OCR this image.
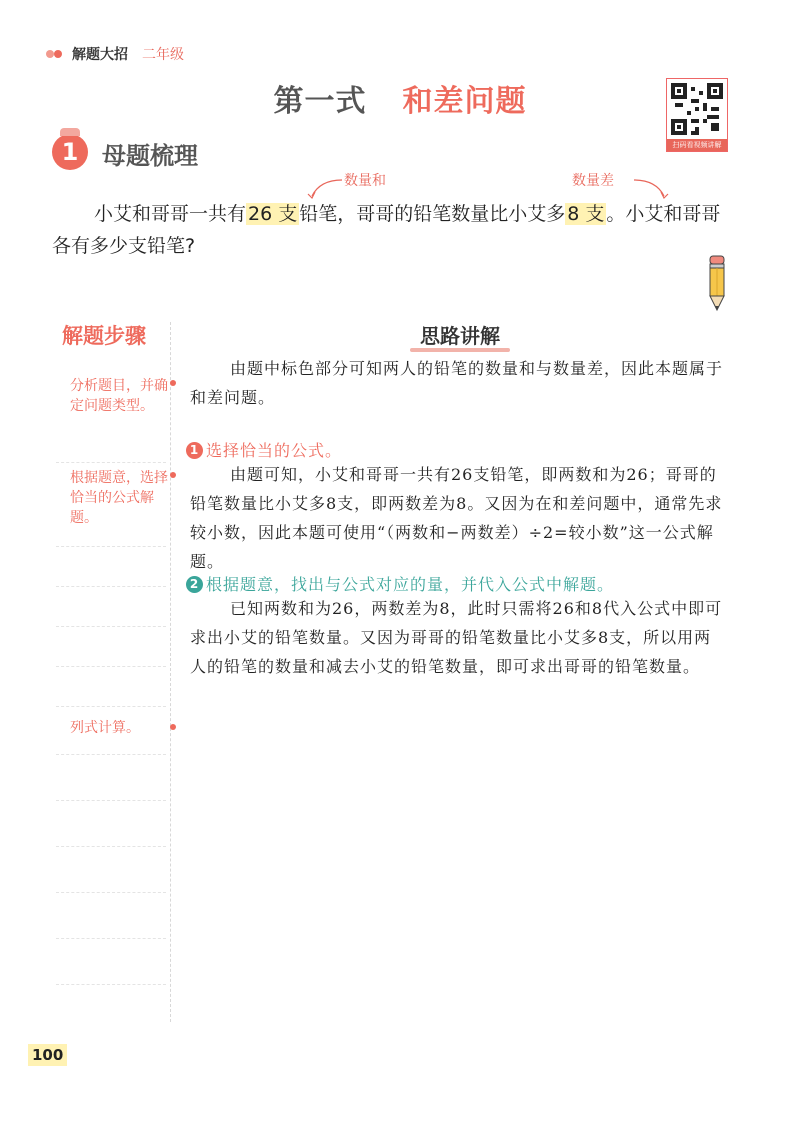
解题大招 二年级
第一式 和差问题
扫码看视频讲解
1 母题梳理
数量和	数量差
小艾和哥哥一共有 26 支 铅笔，哥哥的铅笔数量比小艾多 8 支 。小艾和哥哥各有多少支铅笔?
解题步骤
分析题目，并确定问题类型。
根据题意，选择恰当的公式解题。
列式计算。
思路讲解
由题中标色部分可知两人的铅笔的数量和与数量差，因此本题属于和差问题。
1 选择恰当的公式。
由题可知，小艾和哥哥一共有26支铅笔，即两数和为26；哥哥的铅笔数量比小艾多8支，即两数差为8。又因为在和差问题中，通常先求较小数，因此本题可使用“（两数和−两数差）÷2=较小数”这一公式解题。
2 根据题意，找出与公式对应的量，并代入公式中解题。
已知两数和为26，两数差为8，此时只需将26和8代入公式中即可求出小艾的铅笔数量。又因为哥哥的铅笔数量比小艾多8支，所以用两人的铅笔的数量和减去小艾的铅笔数量，即可求出哥哥的铅笔数量。
100
